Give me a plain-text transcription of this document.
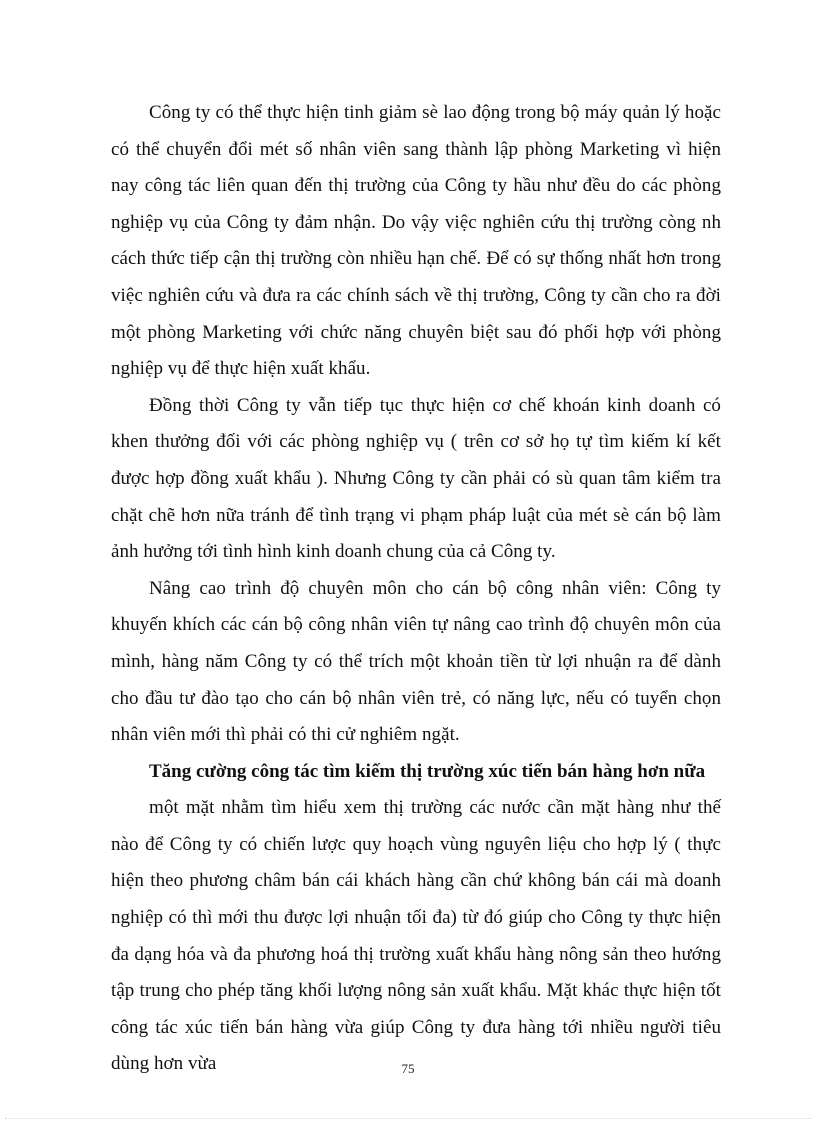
Công ty có thể thực hiện tinh giảm sè lao động trong bộ máy quản lý hoặc có thể chuyển đổi mét số nhân viên sang thành lập phòng Marketing vì hiện nay công tác liên quan đến thị trường của Công ty hầu như đều do các phòng nghiệp vụ của Công ty đảm nhận. Do vậy việc nghiên cứu thị trường còng nh cách thức tiếp cận thị trường còn nhiều hạn chế. Để có sự thống nhất hơn trong việc nghiên cứu và đưa ra các chính sách về thị trường, Công ty cần cho ra đời một phòng Marketing với chức năng chuyên biệt sau đó phối hợp với phòng nghiệp vụ để thực hiện xuất khẩu.

Đồng thời Công ty vẫn tiếp tục thực hiện cơ chế khoán kinh doanh có khen thưởng đối với các phòng nghiệp vụ ( trên cơ sở họ tự tìm kiếm kí kết được hợp đồng xuất khẩu ). Nhưng Công ty cần phải có sù quan tâm kiểm tra chặt chẽ hơn nữa tránh để tình trạng vi phạm pháp luật của mét sè cán bộ làm ảnh hưởng tới tình hình kinh doanh chung của cả Công ty.

Nâng cao trình độ chuyên môn cho cán bộ công nhân viên: Công ty khuyến khích các cán bộ công nhân viên tự nâng cao trình độ chuyên môn của mình, hàng năm Công ty có thể trích một khoản tiền từ lợi nhuận ra để dành cho đầu tư đào tạo cho cán bộ nhân viên trẻ, có năng lực, nếu có tuyển chọn nhân viên mới thì phải có thi cử nghiêm ngặt.

Tăng cường công tác tìm kiếm thị trường xúc tiến bán hàng hơn nữa

một mặt nhằm tìm hiểu xem thị trường các nước cần mặt hàng như thế nào để Công ty có chiến lược quy hoạch vùng nguyên liệu cho hợp lý ( thực hiện theo phương châm bán cái khách hàng cần chứ không bán cái mà doanh nghiệp có thì mới thu được lợi nhuận tối đa) từ đó giúp cho Công ty thực hiện đa dạng hóa và đa phương hoá thị trường xuất khẩu hàng nông sản theo hướng tập trung cho phép tăng khối lượng nông sản xuất khẩu. Mặt khác thực hiện tốt công tác xúc tiến bán hàng vừa giúp Công ty đưa hàng tới nhiều người tiêu dùng hơn vừa	75
